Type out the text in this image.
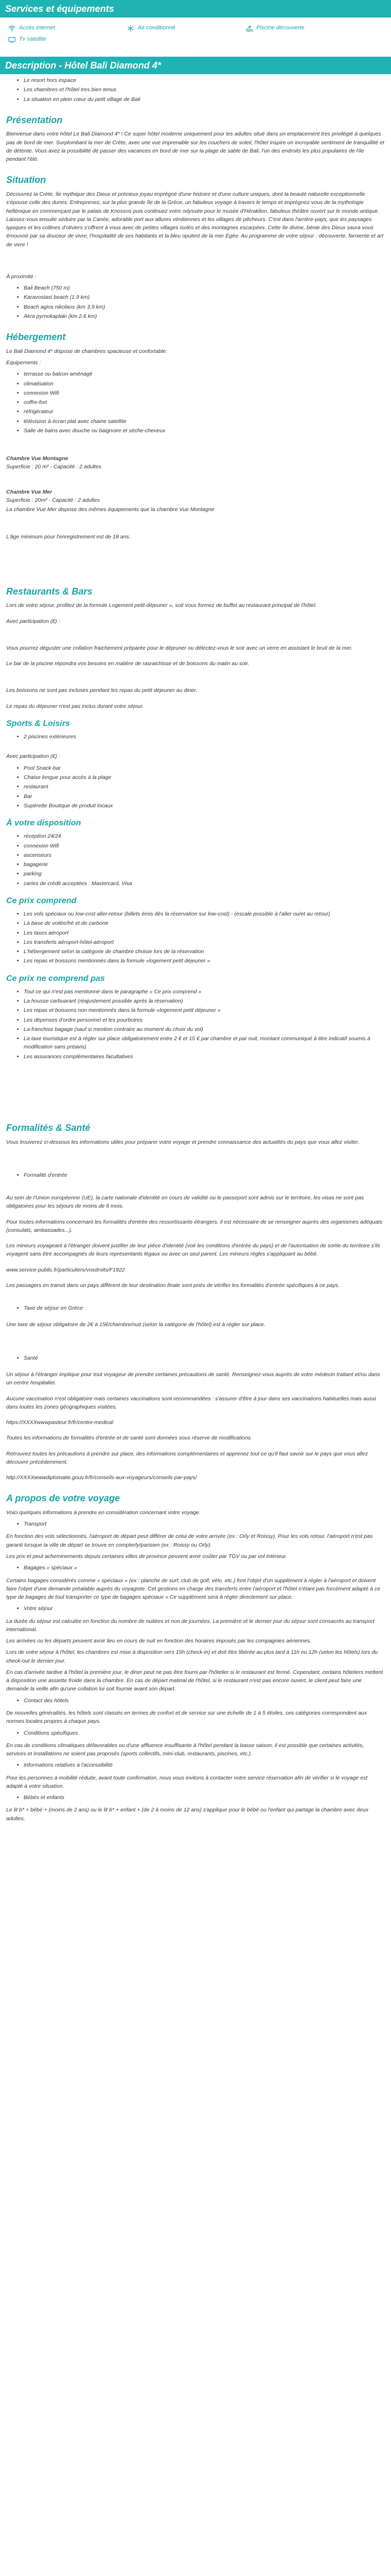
Services et équipements
Accès internet	Air conditionné	Piscine découverte
Tv satellite
Description - Hôtel Bali Diamond 4*
• Le resort hors espace
• Les chambres et l'hôtel tres bien tenus
• La situation en plein cœur du petit village de Bali
Présentation

Bienvenue dans votre hôtel Le Bali Diamond 4* ! Ce super hôtel moderne uniquement pour les adultes situé dans un emplacement tres privilégié à quelques pas de bord de mer. Surplombant la mer de Crète, avec une vue imprenable sur les couchers de soleil, l'hôtel inspire un incroyable sentiment de tranquillité et de détente. Vous avez la possibilité de passer des vacances en bord de mer sur la plage de sable de Bali, l'un des endroits les plus populaires de l'ile pendant l'été.

Situation

Découvrez la Crète, île mythique des Dieux et précieux joyau imprégné d'une histoire et d'une culture uniques, dont la beauté naturelle exceptionnelle s'épouse celle des dunes. Entreprenez, sur la plus grande île de la Grèce, un fabuleux voyage à travers le temps et imprégnez-vous de la mythologie hellénique en commençant par le palais de Knossos puis continuez votre odyssée pour le musée d'Héraklion, fabuleux théâtre ouvert sur le monde antique. Laissez-vous ensuite séduire par la Canée, adorable port aux allures vénitiennes et les villages de pêcheurs. C'est dans l'arrière-pays, que les paysages typiques et les collines d'oliviers s'offrent à vous avec de petites villages isolés et des montagnes escarpées. Cette île divine, bénie des Dieux saura vous émouvoir par sa douceur de vivre, l'hospitalité de ses habitants et la bleu opulent de la mer Égée. Au programme de votre séjour : découverte, farniente et art de vivre !

À proximité :

• Bali Beach (750 m)
• Karavostasi beach (1.9 km)
• Beach agios nikolaos (km 3.9 km)
• Akra pyrnokaplaki (km 2.6 km)
Hébergement

Le Bali Diamond 4* dispose de chambres spacieuse et confortable.

Equipements :

• terrasse ou balcon aménagé
• climatisation
• connexion Wifi
• coffre-fort
• réfrigérateur
• télévision à écran plat avec chaine satellite
• Salle de bains avec douche ou baignoire et sèche-cheveux

Chambre Vue Montagne

Superficie : 20 m² - Capacité : 2 adultes

Chambre Vue Mer

Superficie : 20m² - Capacité : 2 adultes

La chambre Vue Mer dispose des mêmes équipements que la chambre Vue Montagne

L'âge minimum pour l'enregistrement est de 18 ans.

Restaurants & Bars

Lors de votre séjour, profitez de la formule Logement petit-déjeuner », soit vous formez de buffet au restaurant principal de l'hôtel.

Avec participation (€) :

Vous pourrez déguster une collation fraichement préparée pour le déjeuner ou délectez-vous le soir avec un verre en assistant le bruit de la mer.

Le bar de la piscine répondra vos besoins en matière de rasraichisse et de boissons du matin au soir.

Les boissons ne sont pas incluses pendant les repas du petit déjeuner au diner.

Le repas du déjeuner n'est pas inclus durant votre séjour.

Sports & Loisirs
• 2 piscines extérieures

Avec participation (€) :

• Pool Snack-bar
• Chaise longue pour accès à la plage
• restaurant
• Bar
• Supérette Boutique de produit locaux
À votre disposition
• réception 24/24
• connexion Wifi
• ascenseurs
• bagagerie
• parking
• cartes de crédit acceptées : Mastercard, Visa
Ce prix comprend
• Les vols spéciaux ou low-cost aller-retour (billets émis dès la réservation sur low-cost) - (escale possible à l'aller ou/et au retour)
• La base de voilée/hé et de carbone
• Les taxes aéroport
• Les transferts aéroport-hôtel-aéroport
• L'hébergement selon la catégorie de chambre choisie lors de la réservation
• Les repas et boissons mentionnés dans la formule «logement petit déjeuner »
Ce prix ne comprend pas
• Tout ce qui n'est pas mentionné dans le paragraphe « Ce prix comprend »
• La housse carbuarant (réajustement possible après la réservation)
• Les repas et boissons non mentionnés dans la formule «logement petit déjeuner »
• Les dépenses d'ordre personnel et les pourboires
• La franchise bagage (sauf si mention contraire au moment du choix du vol)
• La taxe touristique est à régler sur place obligatoirement entre 2 € et 15 € par chambre et par nuit, montant communiqué à titre indicatif soumis à modification sans préavis)
• Les assurances complémentaires facultatives
Formalités & Santé

Vous trouverez ci-dessous les informations utiles pour préparer votre voyage et prendre connaissance des actualités du pays que vous allez visiter.

• Formalité d'entrée

Au sein de l'Union européenne (UE), la carte nationale d'identité en cours de validité ou le passeport sont admis sur le territoire, les visas ne sont pas obligatoires pour les séjours de moins de 6 mois.

Pour toutes informations concernant les formalités d'entrée des ressortissants étrangers, il est nécessaire de se renseigner auprès des organismes adéquats (consulats, ambassades...).

Les mineurs voyageant à l'étranger doivent justifier de leur pièce d'identité (voir les conditions d'entrée du pays) et de l'autorisation de sortie du territoire s'ils voyagent sans être accompagnés de leurs représentants légaux ou avec un seul parent. Les mineurs règles s'appliquant au bébé.

www.service-public.fr/particuliers/vosdroits/F1922

Les passagers en transit dans un pays différent de leur destination finale sont priés de vérifier les formalités d'entrée spécifiques à ce pays.

• Taxe de séjour en Grèce

Une taxe de séjour obligatoire de 2€ à 15€/chambre/nuit (selon la catégorie de l'hôtel) est à régler sur place.

• Santé

Un séjour à l'étranger implique pour tout voyageur de prendre certaines précautions de santé. Renseignez-vous auprès de votre médecin traitant et/ou dans un centre hospitalier.

Aucune vaccination n'est obligatoire mais certaines vaccinations sont recommandées : s'assurer d'être à jour dans ses vaccinations habituelles mais aussi dans toutes les zones géographiques visitées.

https://XXXXwwwpasteur.fr/fr/centre-medical

Toutes les informations de formalités d'entrée et de santé sont données sous réserve de modifications.

Retrouvez toutes les précautions à prendre sur place, des informations complémentaires et apprenez tout ce qu'il faut savoir sur le pays que vous allez découvrir précédemment.

http://XXXXwwwdiplomatie.gouv.fr/fr/conseils-aux-voyageurs/conseils-par-pays/

A propos de votre voyage

Voici quelques informations à prendre en considération concernant votre voyage.

• Transport

En fonction des vols sélectionnés, l'aéroport de départ peut différer de celui de votre arrivée (ex : Orly et Roissy). Pour les vols retour, l'aéroport n'est pas garanti lorsque la ville de départ se trouve en compterly/parisien (ex : Roissy ou Orly).

Les prix et peut acheminements depuis certaines villes de province peuvent avoir coûter par TGV ou par vol intérieur.

• Bagages « spéciaux »

Certains bagages considérés comme « spéciaux » (ex : planche de surf, club de golf, vélo, etc.) font l'objet d'un supplément à régler à l'aéroport et doivent faire l'objet d'une demande préalable auprès du voyagiste. Cet gestions en charge des transferts entre l'aéroport et l'hôtel n'étant pas forcément adapté à ce type de bagages de tout transporter ce type de bagages spéciaux » Ce supplément sera à régler directement sur place.

• Votre séjour

La durée du séjour est calculée en fonction du nombre de nuitées et non de journées. La première et le dernier jour du séjour sont consacrés au transport international.

Les arrivées ou les départs peuvent avoir lieu en cours de nuit en fonction des horaires imposés par les compagnies aériennes.

Lors de votre séjour à l'hôtel, les chambres est mise à disposition vers 15h (check-in) et doit être libérée au plus tard à 11h ou 12h (selon les hôtels) lors du check-out le dernier jour.

En cas d'arrivée tardive à l'hôtel la première jour, le diner peut ne pas être fourni par l'hôtelier si le restaurant est fermé. Cependant, certains hôteliers mettent à disposition une assiette froide dans la chambre. En cas de départ matinal de l'hôtel, si le restaurant n'est pas encore ouvert, le client peut faire une demande la veille afin qu'une collation lui soit fournie avant son départ.

• Contact des hôtels

De nouvelles généralités, les hôtels sont classés en termes de confort et de service sur une échelle de 1 à 5 étoiles, ces catégories correspondent aux normes locales propres à chaque pays.

• Conditions spécifiques

En cas de conditions climatiques défavorables ou d'une affluence insuffisante à l'hôtel pendant la basse saison, il est possible que certaines activités, services et installations ne soient pas proposés (sports collectifs, mini-club, restaurants, piscines, etc.).

• Informations relatives à l'accessibilité

Pour les personnes à mobilité réduite, avant toute confirmation, nous vous invitons à contacter notre service réservation afin de vérifier si le voyage est adapté à votre situation.

• Bébés et enfants

Le lit b* + bébé + (moins de 2 ans) ou le lit b* + enfant + (de 2 à moins de 12 ans) s'applique pour le bébé ou l'enfant qui partage la chambre avec deux adultes.
